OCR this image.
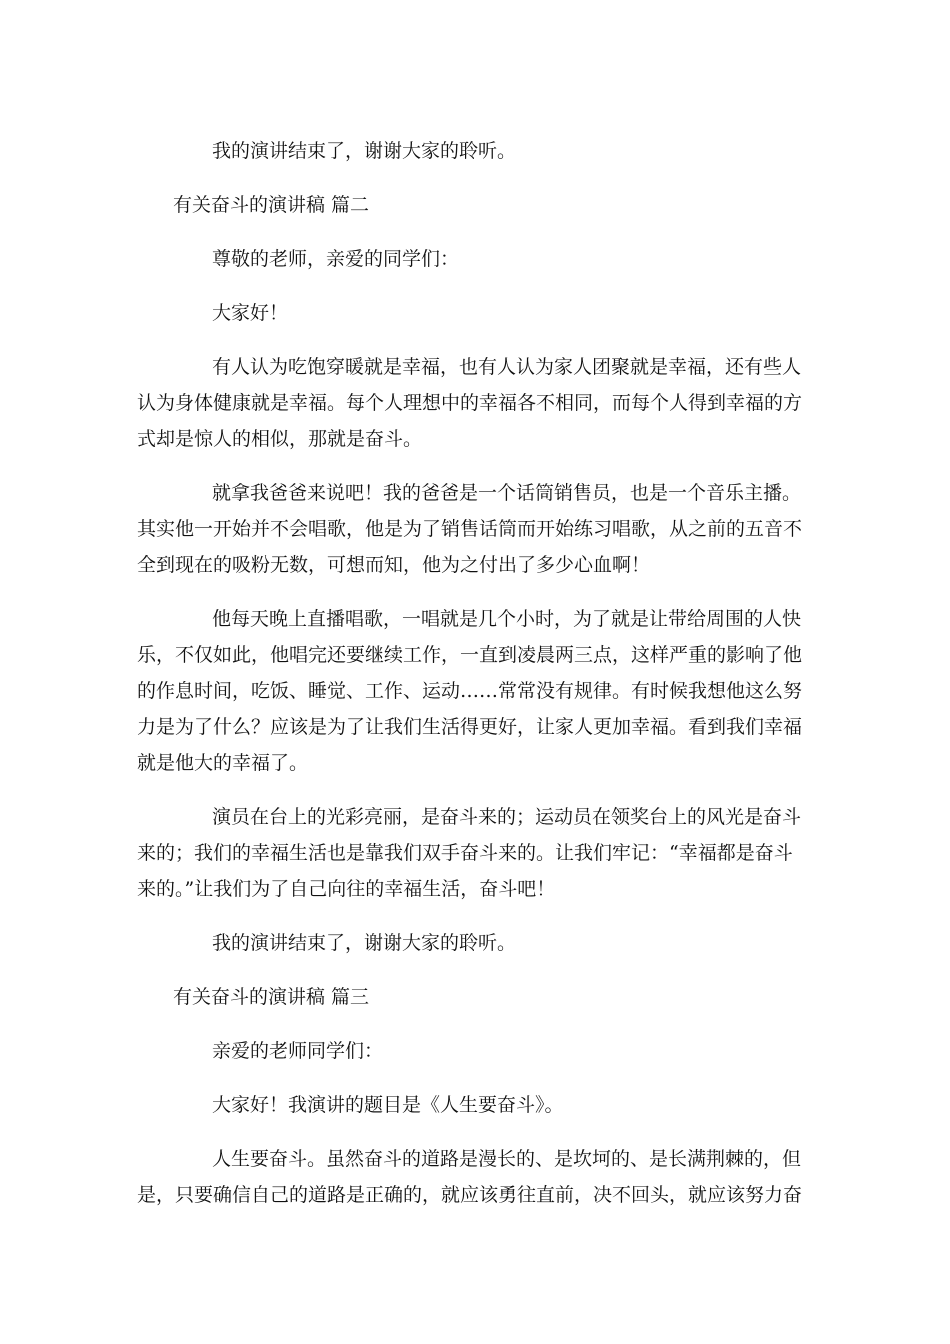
我的演讲结束了，谢谢大家的聆听。
有关奋斗的演讲稿 篇二
尊敬的老师，亲爱的同学们：
大家好！
有人认为吃饱穿暖就是幸福，也有人认为家人团聚就是幸福，还有些人
认为身体健康就是幸福。每个人理想中的幸福各不相同，而每个人得到幸福的方
式却是惊人的相似，那就是奋斗。
就拿我爸爸来说吧！我的爸爸是一个话筒销售员，也是一个音乐主播。
其实他一开始并不会唱歌，他是为了销售话筒而开始练习唱歌，从之前的五音不
全到现在的吸粉无数，可想而知，他为之付出了多少心血啊！
他每天晚上直播唱歌，一唱就是几个小时，为了就是让带给周围的人快
乐，不仅如此，他唱完还要继续工作，一直到凌晨两三点，这样严重的影响了他
的作息时间，吃饭、睡觉、工作、运动……常常没有规律。有时候我想他这么努
力是为了什么？应该是为了让我们生活得更好，让家人更加幸福。看到我们幸福
就是他大的幸福了。
演员在台上的光彩亮丽，是奋斗来的；运动员在领奖台上的风光是奋斗
来的；我们的幸福生活也是靠我们双手奋斗来的。让我们牢记：“幸福都是奋斗
来的。”让我们为了自己向往的幸福生活，奋斗吧！
我的演讲结束了，谢谢大家的聆听。
有关奋斗的演讲稿 篇三
亲爱的老师同学们：
大家好！我演讲的题目是《人生要奋斗》。
人生要奋斗。虽然奋斗的道路是漫长的、是坎坷的、是长满荆棘的，但
是，只要确信自己的道路是正确的，就应该勇往直前，决不回头，就应该努力奋
